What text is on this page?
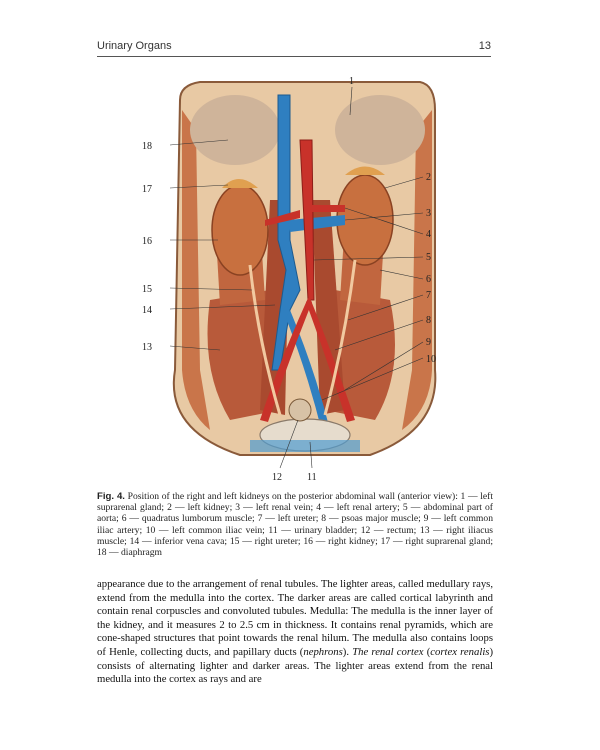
Urinary Organs	13
1
2
3
4
5
6
7
8
9
10
11
12
13
14
15
16
17
18
Fig. 4. Position of the right and left kidneys on the posterior abdominal wall (anterior view): 1 — left suprarenal gland; 2 — left kidney; 3 — left renal vein; 4 — left renal artery; 5 — abdominal part of aorta; 6 — quadratus lumborum muscle; 7 — left ureter; 8 — psoas major muscle; 9 — left common iliac artery; 10 — left common iliac vein; 11 — urinary bladder; 12 — rectum; 13 — right iliacus muscle; 14 — inferior vena cava; 15 — right ureter; 16 — right kidney; 17 — right suprarenal gland; 18 — diaphragm

appearance due to the arrangement of renal tubules. The lighter areas, called medullary rays, extend from the medulla into the cortex. The darker areas are called cortical labyrinth and contain renal corpuscles and convoluted tubules. Medulla: The medulla is the inner layer of the kidney, and it measures 2 to 2.5 cm in thickness. It contains renal pyramids, which are cone-shaped structures that point towards the renal hilum. The medulla also contains loops of Henle, collecting ducts, and papillary ducts (nephrons). The renal cortex (cortex renalis) consists of alternating lighter and darker areas. The lighter areas extend from the renal medulla into the cortex as rays and are
